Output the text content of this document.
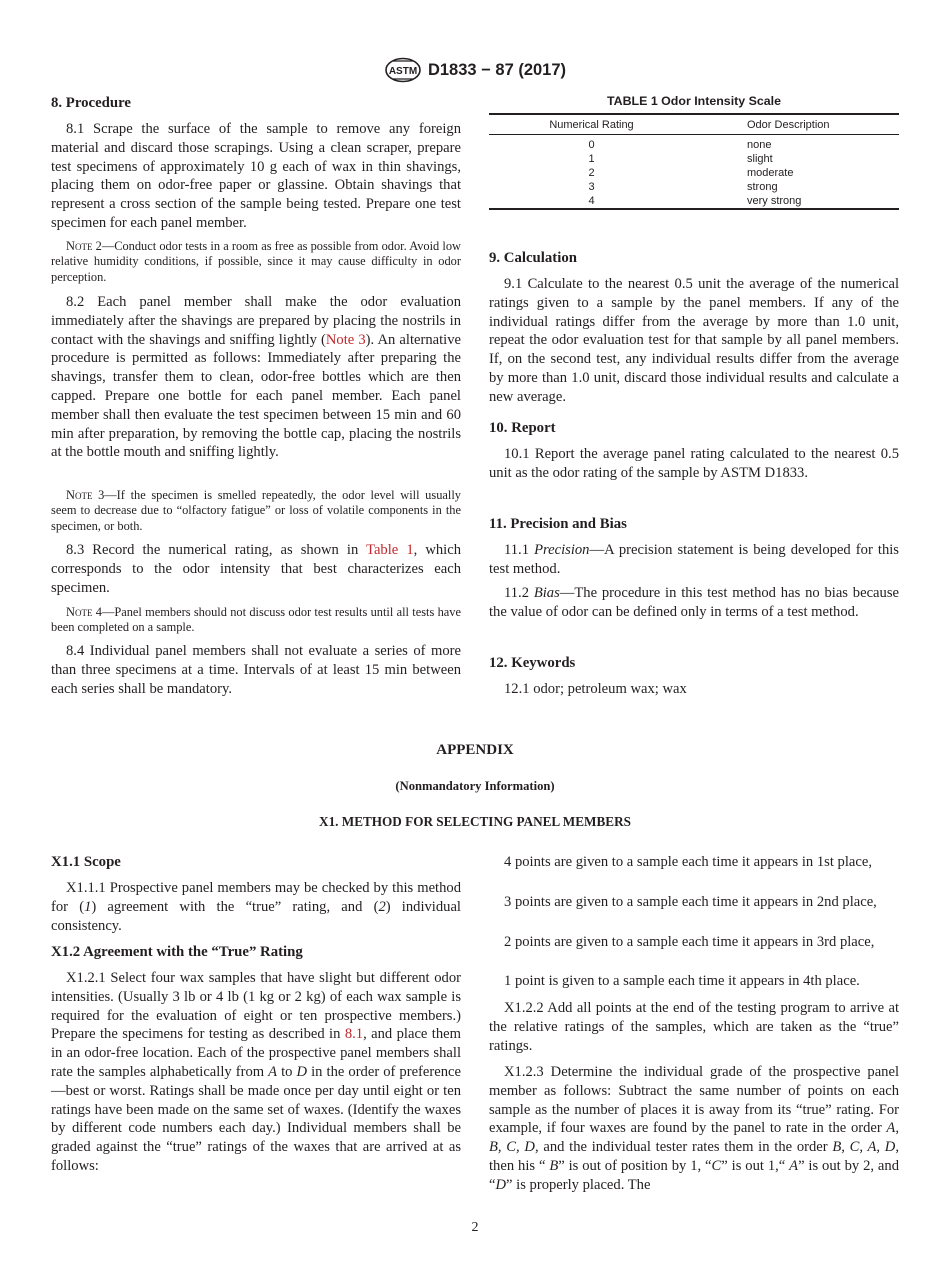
ASTM D1833 − 87 (2017)
8. Procedure
8.1 Scrape the surface of the sample to remove any foreign material and discard those scrapings. Using a clean scraper, prepare test specimens of approximately 10 g each of wax in thin shavings, placing them on odor-free paper or glassine. Obtain shavings that represent a cross section of the sample being tested. Prepare one test specimen for each panel member.
Note 2—Conduct odor tests in a room as free as possible from odor. Avoid low relative humidity conditions, if possible, since it may cause difficulty in odor perception.
8.2 Each panel member shall make the odor evaluation immediately after the shavings are prepared by placing the nostrils in contact with the shavings and sniffing lightly (Note 3). An alternative procedure is permitted as follows: Immediately after preparing the shavings, transfer them to clean, odor-free bottles which are then capped. Prepare one bottle for each panel member. Each panel member shall then evaluate the test specimen between 15 min and 60 min after preparation, by removing the bottle cap, placing the nostrils at the bottle mouth and sniffing lightly.
Note 3—If the specimen is smelled repeatedly, the odor level will usually seem to decrease due to “olfactory fatigue” or loss of volatile components in the specimen, or both.
8.3 Record the numerical rating, as shown in Table 1, which corresponds to the odor intensity that best characterizes each specimen.
Note 4—Panel members should not discuss odor test results until all tests have been completed on a sample.
8.4 Individual panel members shall not evaluate a series of more than three specimens at a time. Intervals of at least 15 min between each series shall be mandatory.
TABLE 1 Odor Intensity Scale
Numerical Rating	Odor Description
0	none
1	slight
2	moderate
3	strong
4	very strong
9. Calculation
9.1 Calculate to the nearest 0.5 unit the average of the numerical ratings given to a sample by the panel members. If any of the individual ratings differ from the average by more than 1.0 unit, repeat the odor evaluation test for that sample by all panel members. If, on the second test, any individual results differ from the average by more than 1.0 unit, discard those individual results and calculate a new average.
10. Report
10.1 Report the average panel rating calculated to the nearest 0.5 unit as the odor rating of the sample by ASTM D1833.
11. Precision and Bias
11.1 Precision—A precision statement is being developed for this test method.
11.2 Bias—The procedure in this test method has no bias because the value of odor can be defined only in terms of a test method.
12. Keywords
12.1 odor; petroleum wax; wax
APPENDIX
(Nonmandatory Information)
X1. METHOD FOR SELECTING PANEL MEMBERS
X1.1 Scope
X1.1.1 Prospective panel members may be checked by this method for (1) agreement with the “true” rating, and (2) individual consistency.
X1.2 Agreement with the “True” Rating
X1.2.1 Select four wax samples that have slight but different odor intensities. (Usually 3 lb or 4 lb (1 kg or 2 kg) of each wax sample is required for the evaluation of eight or ten prospective members.) Prepare the specimens for testing as described in 8.1, and place them in an odor-free location. Each of the prospective panel members shall rate the samples alphabetically from A to D in the order of preference—best or worst. Ratings shall be made once per day until eight or ten ratings have been made on the same set of waxes. (Identify the waxes by different code numbers each day.) Individual members shall be graded against the “true” ratings of the waxes that are arrived at as follows:
4 points are given to a sample each time it appears in 1st place,
3 points are given to a sample each time it appears in 2nd place,
2 points are given to a sample each time it appears in 3rd place,
1 point is given to a sample each time it appears in 4th place.
X1.2.2 Add all points at the end of the testing program to arrive at the relative ratings of the samples, which are taken as the “true” ratings.
X1.2.3 Determine the individual grade of the prospective panel member as follows: Subtract the same number of points on each sample as the number of places it is away from its “true” rating. For example, if four waxes are found by the panel to rate in the order A, B, C, D, and the individual tester rates them in the order B, C, A, D, then his “ B” is out of position by 1, “C” is out 1,“ A” is out by 2, and “D” is properly placed. The
2
